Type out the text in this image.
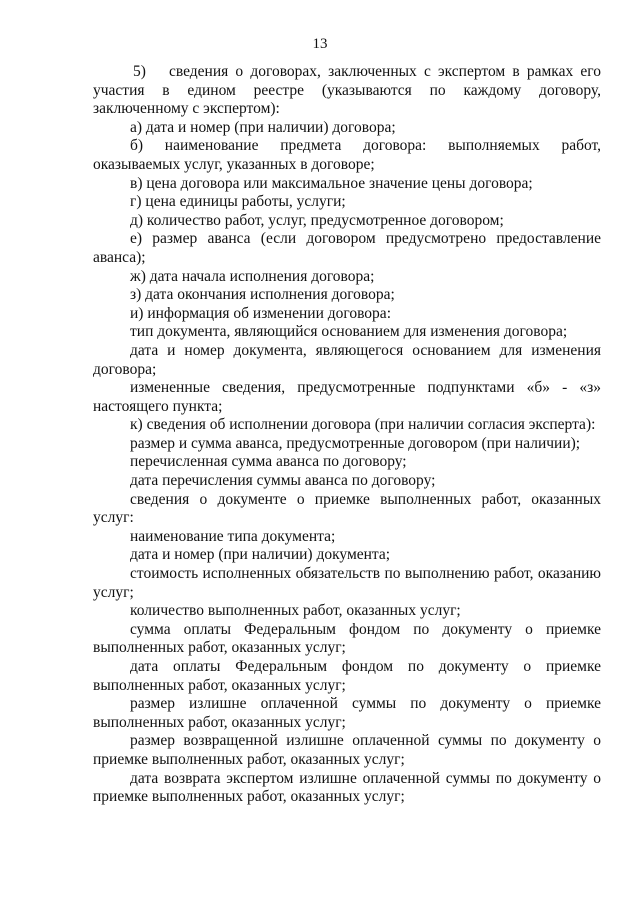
13

5) сведения о договорах, заключенных с экспертом в рамках его участия в едином реестре (указываются по каждому договору, заключенному с экспертом):

а) дата и номер (при наличии) договора;

б) наименование предмета договора: выполняемых работ, оказываемых услуг, указанных в договоре;

в) цена договора или максимальное значение цены договора;

г) цена единицы работы, услуги;

д) количество работ, услуг, предусмотренное договором;

е) размер аванса (если договором предусмотрено предоставление аванса);

ж) дата начала исполнения договора;

з) дата окончания исполнения договора;

и) информация об изменении договора:

тип документа, являющийся основанием для изменения договора;

дата и номер документа, являющегося основанием для изменения договора;

измененные сведения, предусмотренные подпунктами «б» - «з» настоящего пункта;

к) сведения об исполнении договора (при наличии согласия эксперта):

размер и сумма аванса, предусмотренные договором (при наличии);

перечисленная сумма аванса по договору;

дата перечисления суммы аванса по договору;

сведения о документе о приемке выполненных работ, оказанных услуг:

наименование типа документа;

дата и номер (при наличии) документа;

стоимость исполненных обязательств по выполнению работ, оказанию услуг;

количество выполненных работ, оказанных услуг;

сумма оплаты Федеральным фондом по документу о приемке выполненных работ, оказанных услуг;

дата оплаты Федеральным фондом по документу о приемке выполненных работ, оказанных услуг;

размер излишне оплаченной суммы по документу о приемке выполненных работ, оказанных услуг;

размер возвращенной излишне оплаченной суммы по документу о приемке выполненных работ, оказанных услуг;

дата возврата экспертом излишне оплаченной суммы по документу о приемке выполненных работ, оказанных услуг;
